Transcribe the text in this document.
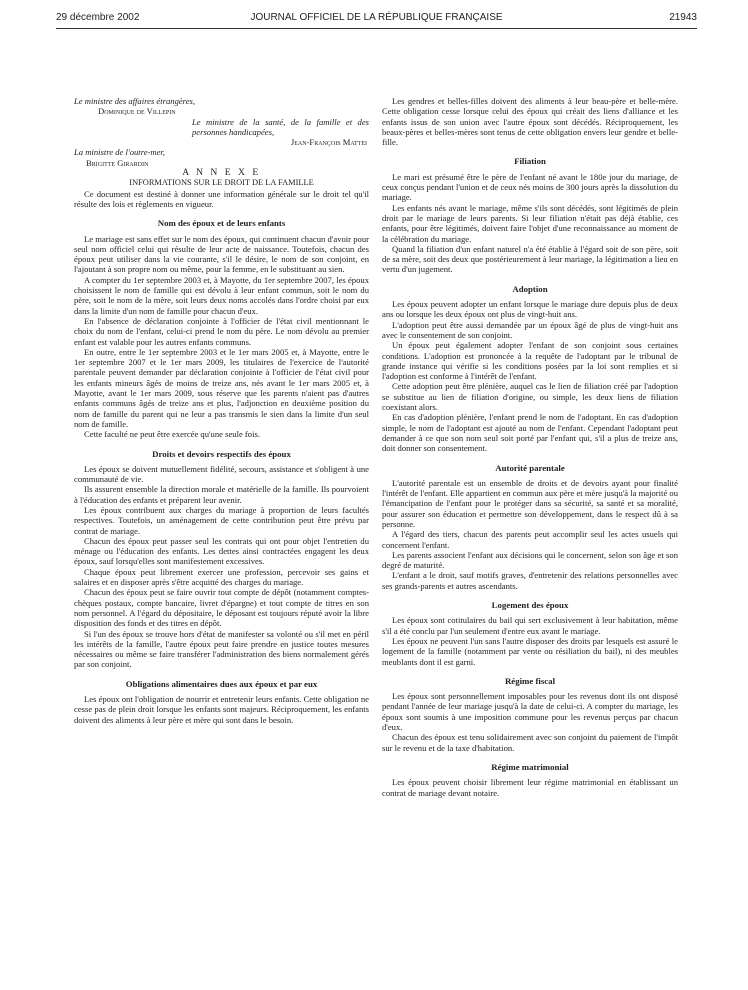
29 décembre 2002	JOURNAL OFFICIEL DE LA RÉPUBLIQUE FRANÇAISE	21943

Le ministre des affaires étrangères,
Dominique de Villepin

Le ministre de la santé, de la famille et des personnes handicapées,
Jean-François Mattei

La ministre de l'outre-mer,
Brigitte Girardin

A N N E X E

INFORMATIONS SUR LE DROIT DE LA FAMILLE

Ce document est destiné à donner une information générale sur le droit tel qu'il résulte des lois et règlements en vigueur.

Nom des époux et de leurs enfants

Le mariage est sans effet sur le nom des époux, qui continuent chacun d'avoir pour seul nom officiel celui qui résulte de leur acte de naissance. Toutefois, chacun des époux peut utiliser dans la vie courante, s'il le désire, le nom de son conjoint, en l'ajoutant à son propre nom ou même, pour la femme, en le substituant au sien.

A compter du 1er septembre 2003 et, à Mayotte, du 1er septembre 2007, les époux choisissent le nom de famille qui est dévolu à leur enfant commun, soit le nom du père, soit le nom de la mère, soit leurs deux noms accolés dans l'ordre choisi par eux dans la limite d'un nom de famille pour chacun d'eux.

En l'absence de déclaration conjointe à l'officier de l'état civil mentionnant le choix du nom de l'enfant, celui-ci prend le nom du père. Le nom dévolu au premier enfant est valable pour les autres enfants communs.

En outre, entre le 1er septembre 2003 et le 1er mars 2005 et, à Mayotte, entre le 1er septembre 2007 et le 1er mars 2009, les titulaires de l'exercice de l'autorité parentale peuvent demander par déclaration conjointe à l'officier de l'état civil pour les enfants mineurs âgés de moins de treize ans, nés avant le 1er mars 2005 et, à Mayotte, avant le 1er mars 2009, sous réserve que les parents n'aient pas d'autres enfants communs âgés de treize ans et plus, l'adjonction en deuxième position du nom de famille du parent qui ne leur a pas transmis le sien dans la limite d'un seul nom de famille.

Cette faculté ne peut être exercée qu'une seule fois.

Droits et devoirs respectifs des époux

Les époux se doivent mutuellement fidélité, secours, assistance et s'obligent à une communauté de vie.

Ils assurent ensemble la direction morale et matérielle de la famille. Ils pourvoient à l'éducation des enfants et préparent leur avenir.

Les époux contribuent aux charges du mariage à proportion de leurs facultés respectives. Toutefois, un aménagement de cette contribution peut être prévu par contrat de mariage.

Chacun des époux peut passer seul les contrats qui ont pour objet l'entretien du ménage ou l'éducation des enfants. Les dettes ainsi contractées engagent les deux époux, sauf lorsqu'elles sont manifestement excessives.

Chaque époux peut librement exercer une profession, percevoir ses gains et salaires et en disposer après s'être acquitté des charges du mariage.

Chacun des époux peut se faire ouvrir tout compte de dépôt (notamment comptes-chèques postaux, compte bancaire, livret d'épargne) et tout compte de titres en son nom personnel. A l'égard du dépositaire, le déposant est toujours réputé avoir la libre disposition des fonds et des titres en dépôt.

Si l'un des époux se trouve hors d'état de manifester sa volonté ou s'il met en péril les intérêts de la famille, l'autre époux peut faire prendre en justice toutes mesures nécessaires ou même se faire transférer l'administration des biens normalement gérés par son conjoint.

Obligations alimentaires dues aux époux et par eux

Les époux ont l'obligation de nourrir et entretenir leurs enfants. Cette obligation ne cesse pas de plein droit lorsque les enfants sont majeurs. Réciproquement, les enfants doivent des aliments à leur père et mère qui sont dans le besoin.

Les gendres et belles-filles doivent des aliments à leur beau-père et belle-mère. Cette obligation cesse lorsque celui des époux qui créait des liens d'alliance et les enfants issus de son union avec l'autre époux sont décédés. Réciproquement, les beaux-pères et belles-mères sont tenus de cette obligation envers leur gendre et belle-fille.

Filiation

Le mari est présumé être le père de l'enfant né avant le 180e jour du mariage, de ceux conçus pendant l'union et de ceux nés moins de 300 jours après la dissolution du mariage.

Les enfants nés avant le mariage, même s'ils sont décédés, sont légitimés de plein droit par le mariage de leurs parents. Si leur filiation n'était pas déjà établie, ces enfants, pour être légitimés, doivent faire l'objet d'une reconnaissance au moment de la célébration du mariage.

Quand la filiation d'un enfant naturel n'a été établie à l'égard soit de son père, soit de sa mère, soit des deux que postérieurement à leur mariage, la légitimation a lieu en vertu d'un jugement.

Adoption

Les époux peuvent adopter un enfant lorsque le mariage dure depuis plus de deux ans ou lorsque les deux époux ont plus de vingt-huit ans.

L'adoption peut être aussi demandée par un époux âgé de plus de vingt-huit ans avec le consentement de son conjoint.

Un époux peut également adopter l'enfant de son conjoint sous certaines conditions. L'adoption est prononcée à la requête de l'adoptant par le tribunal de grande instance qui vérifie si les conditions posées par la loi sont remplies et si l'adoption est conforme à l'intérêt de l'enfant.

Cette adoption peut être plénière, auquel cas le lien de filiation créé par l'adoption se substitue au lien de filiation d'origine, ou simple, les deux liens de filiation coexistant alors.

En cas d'adoption plénière, l'enfant prend le nom de l'adoptant. En cas d'adoption simple, le nom de l'adoptant est ajouté au nom de l'enfant. Cependant l'adoptant peut demander à ce que son nom seul soit porté par l'enfant qui, s'il a plus de treize ans, doit donner son consentement.

Autorité parentale

L'autorité parentale est un ensemble de droits et de devoirs ayant pour finalité l'intérêt de l'enfant. Elle appartient en commun aux père et mère jusqu'à la majorité ou l'émancipation de l'enfant pour le protéger dans sa sécurité, sa santé et sa moralité, pour assurer son éducation et permettre son développement, dans le respect dû à sa personne.

A l'égard des tiers, chacun des parents peut accomplir seul les actes usuels qui concernent l'enfant.

Les parents associent l'enfant aux décisions qui le concernent, selon son âge et son degré de maturité.

L'enfant a le droit, sauf motifs graves, d'entretenir des relations personnelles avec ses grands-parents et autres ascendants.

Logement des époux

Les époux sont cotitulaires du bail qui sert exclusivement à leur habitation, même s'il a été conclu par l'un seulement d'entre eux avant le mariage.

Les époux ne peuvent l'un sans l'autre disposer des droits par lesquels est assuré le logement de la famille (notamment par vente ou résiliation du bail), ni des meubles meublants dont il est garni.

Régime fiscal

Les époux sont personnellement imposables pour les revenus dont ils ont disposé pendant l'année de leur mariage jusqu'à la date de celui-ci. A compter du mariage, les époux sont soumis à une imposition commune pour les revenus perçus par chacun d'eux.

Chacun des époux est tenu solidairement avec son conjoint du paiement de l'impôt sur le revenu et de la taxe d'habitation.

Régime matrimonial

Les époux peuvent choisir librement leur régime matrimonial en établissant un contrat de mariage devant notaire.
